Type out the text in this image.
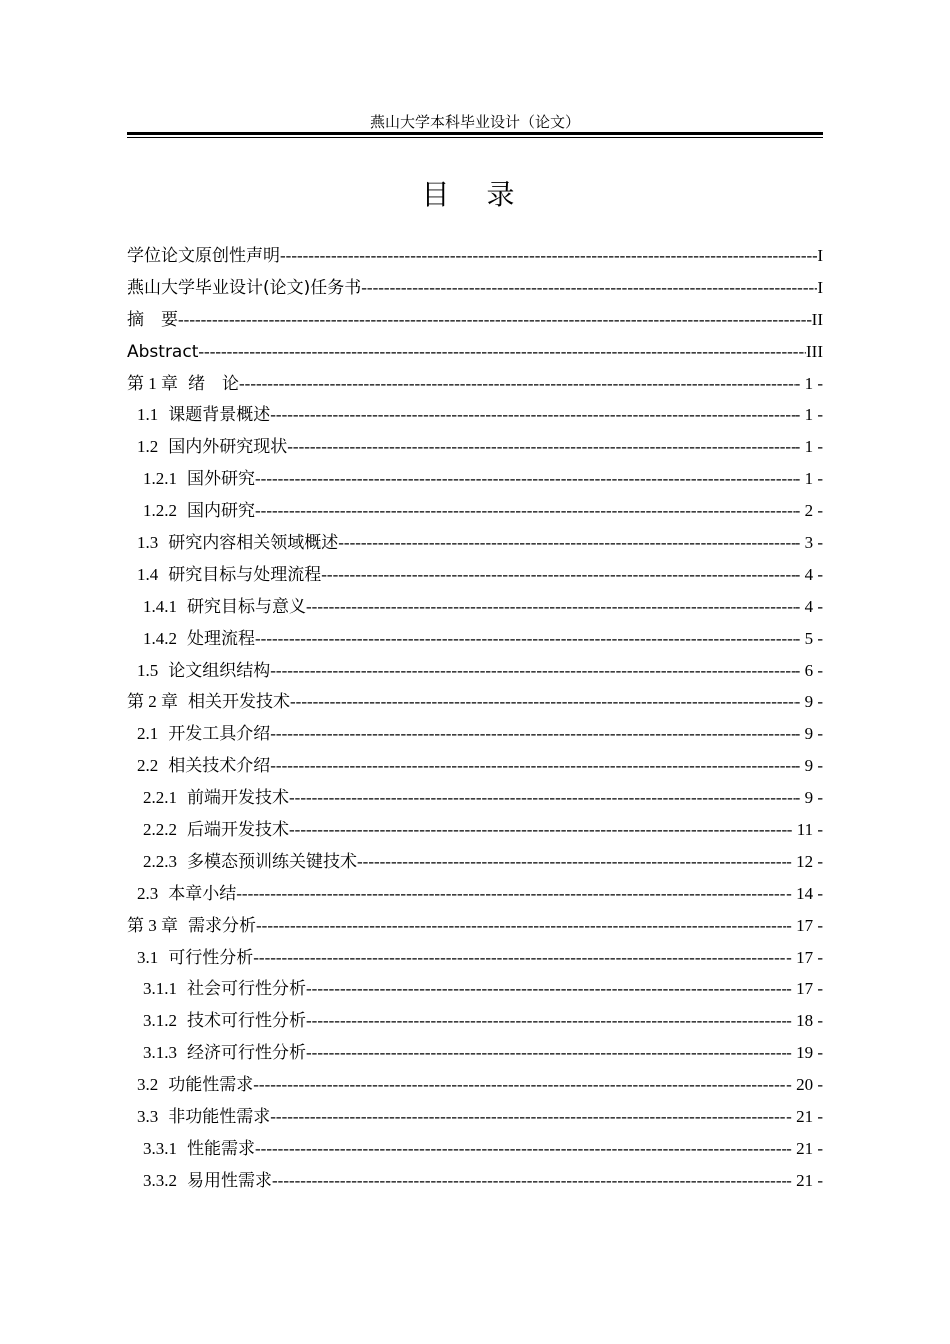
燕山大学本科毕业设计（论文）
目 录
学位论文原创性声明 -----	I
燕山大学毕业设计(论文)任务书 -----	I
摘　要 -----	II
Abstract -----	III
第 1 章 绪　论 -----	- 1 -
1.1 课题背景概述 -----	- 1 -
1.2 国内外研究现状 -----	- 1 -
1.2.1 国外研究 -----	- 1 -
1.2.2 国内研究 -----	- 2 -
1.3 研究内容相关领域概述 -----	- 3 -
1.4 研究目标与处理流程 -----	- 4 -
1.4.1 研究目标与意义 -----	- 4 -
1.4.2 处理流程 -----	- 5 -
1.5 论文组织结构 -----	- 6 -
第 2 章 相关开发技术 -----	- 9 -
2.1 开发工具介绍 -----	- 9 -
2.2 相关技术介绍 -----	- 9 -
2.2.1 前端开发技术 -----	- 9 -
2.2.2 后端开发技术 -----	- 11 -
2.2.3 多模态预训练关键技术 -----	- 12 -
2.3 本章小结 -----	- 14 -
第 3 章 需求分析 -----	- 17 -
3.1 可行性分析 -----	- 17 -
3.1.1 社会可行性分析 -----	- 17 -
3.1.2 技术可行性分析 -----	- 18 -
3.1.3 经济可行性分析 -----	- 19 -
3.2 功能性需求 -----	- 20 -
3.3 非功能性需求 -----	- 21 -
3.3.1 性能需求 -----	- 21 -
3.3.2 易用性需求 -----	- 21 -
